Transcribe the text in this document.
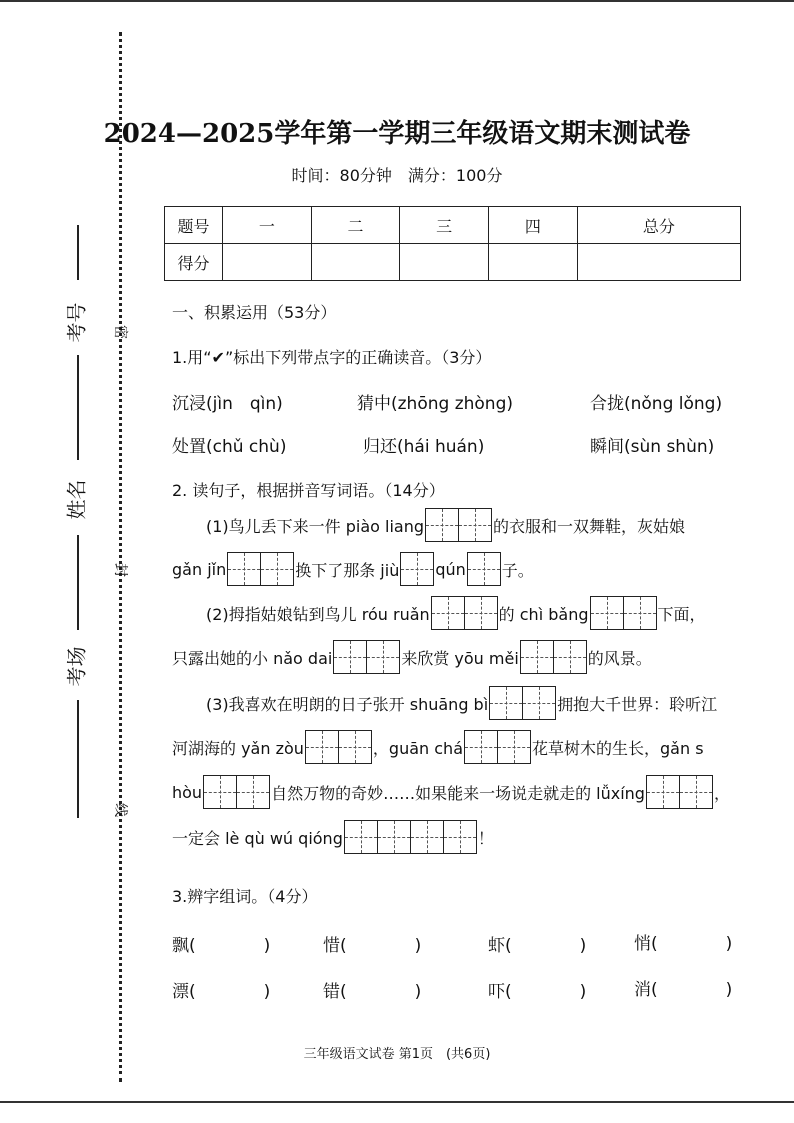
考号
姓名
考场
密
封
线
2024—2025学年第一学期三年级语文期末测试卷
时间：80分钟　满分：100分
题号	一	二	三	四	总分
得分					
一、积累运用（53分）
1.用“✔”标出下列带点字的正确读音。（3分）
沉浸(jìn　qìn)	猜中(zhōng zhòng)	合拢(nǒng lǒng)
处置(chǔ chù)	归还(hái huán)	瞬间(sùn shùn)
2. 读句子，根据拼音写词语。（14分）
(1)鸟儿丢下来一件 piào liang	的衣服和一双舞鞋，灰姑娘
gǎn jǐn	换下了那条 jiù qún 子。
(2)拇指姑娘钻到鸟儿 róu ruǎn	的 chì bǎng	下面，
只露出她的小 nǎo dai	来欣赏 yōu měi	的风景。
(3)我喜欢在明朗的日子张开 shuāng bì	拥抱大千世界：聆听江
河湖海的 yǎn zòu	，guān chá	花草树木的生长，gǎn s
hòu	自然万物的奇妙……如果能来一场说走就走的 lǚxíng	，
一定会 lè qù wú qióng	！
3.辨字组词。（4分）
飘(　　　　)	惜(　　　　)	虾(　　　　)	悄(　　　　)
漂(　　　　)	错(　　　　)	吓(　　　　)	消(　　　　)
三年级语文试卷 第1页　(共6页)
